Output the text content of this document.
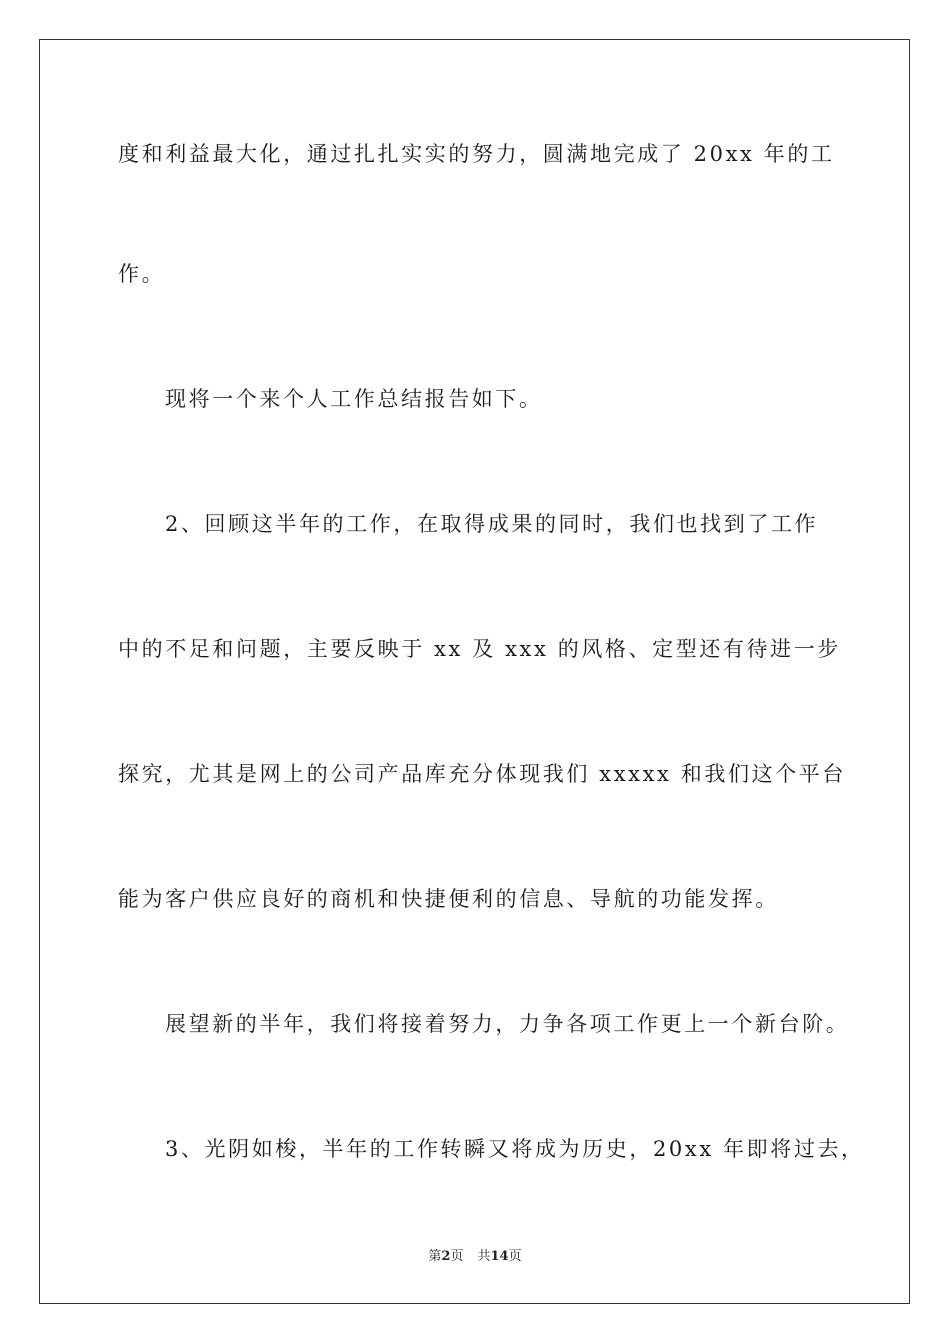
度和利益最大化，通过扎扎实实的努力，圆满地完成了 20xx 年的工
作。
现将一个来个人工作总结报告如下。
2、回顾这半年的工作，在取得成果的同时，我们也找到了工作
中的不足和问题，主要反映于 xx 及 xxx 的风格、定型还有待进一步
探究，尤其是网上的公司产品库充分体现我们 xxxxx 和我们这个平台
能为客户供应良好的商机和快捷便利的信息、导航的功能发挥。
展望新的半年，我们将接着努力，力争各项工作更上一个新台阶。
3、光阴如梭，半年的工作转瞬又将成为历史，20xx 年即将过去，
第2页 共14页
